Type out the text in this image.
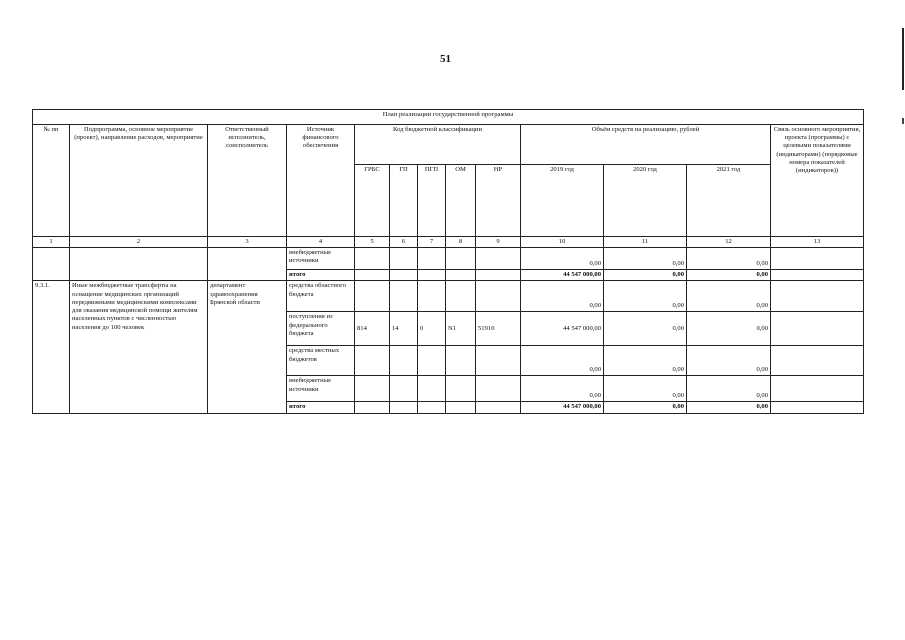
51
План реализации государственной программы												
№ пп	Подпрограмма, основное мероприятие (проект), направление расходов, мероприятие	Ответственный исполнитель, соисполнитель	Источник финансового обеспечения	Код бюджетной классификации					Объём средств на реализацию, рублей			Связь основного мероприятия, проекта (программы) с целевыми показателями (индикаторами) (порядковые номера показателей (индикаторов))
				ГРБС	ГП	ПГП	ОМ	НР	2019 год	2020 год	2021 год	
1	2	3	4	5	6	7	8	9	10	11	12	13
			внебюджетные источники						0,00	0,00	0,00	
			итого						44 547 000,00	0,00	0,00	
9.3.1.	Иные межбюджетные трансферты на оснащение медицинских организаций передвижными медицинскими комплексами для оказания медицинской помощи жителям населенных пунктов с численностью населения до 100 человек	департамент здравоохранения Брянской области	средства областного бюджета						0,00	0,00	0,00	
			поступления из федерального бюджета	814	14	0	N1	51910	44 547 000,00	0,00	0,00	
			средства местных бюджетов						0,00	0,00	0,00	
			внебюджетные источники						0,00	0,00	0,00	
			итого						44 547 000,00	0,00	0,00	
